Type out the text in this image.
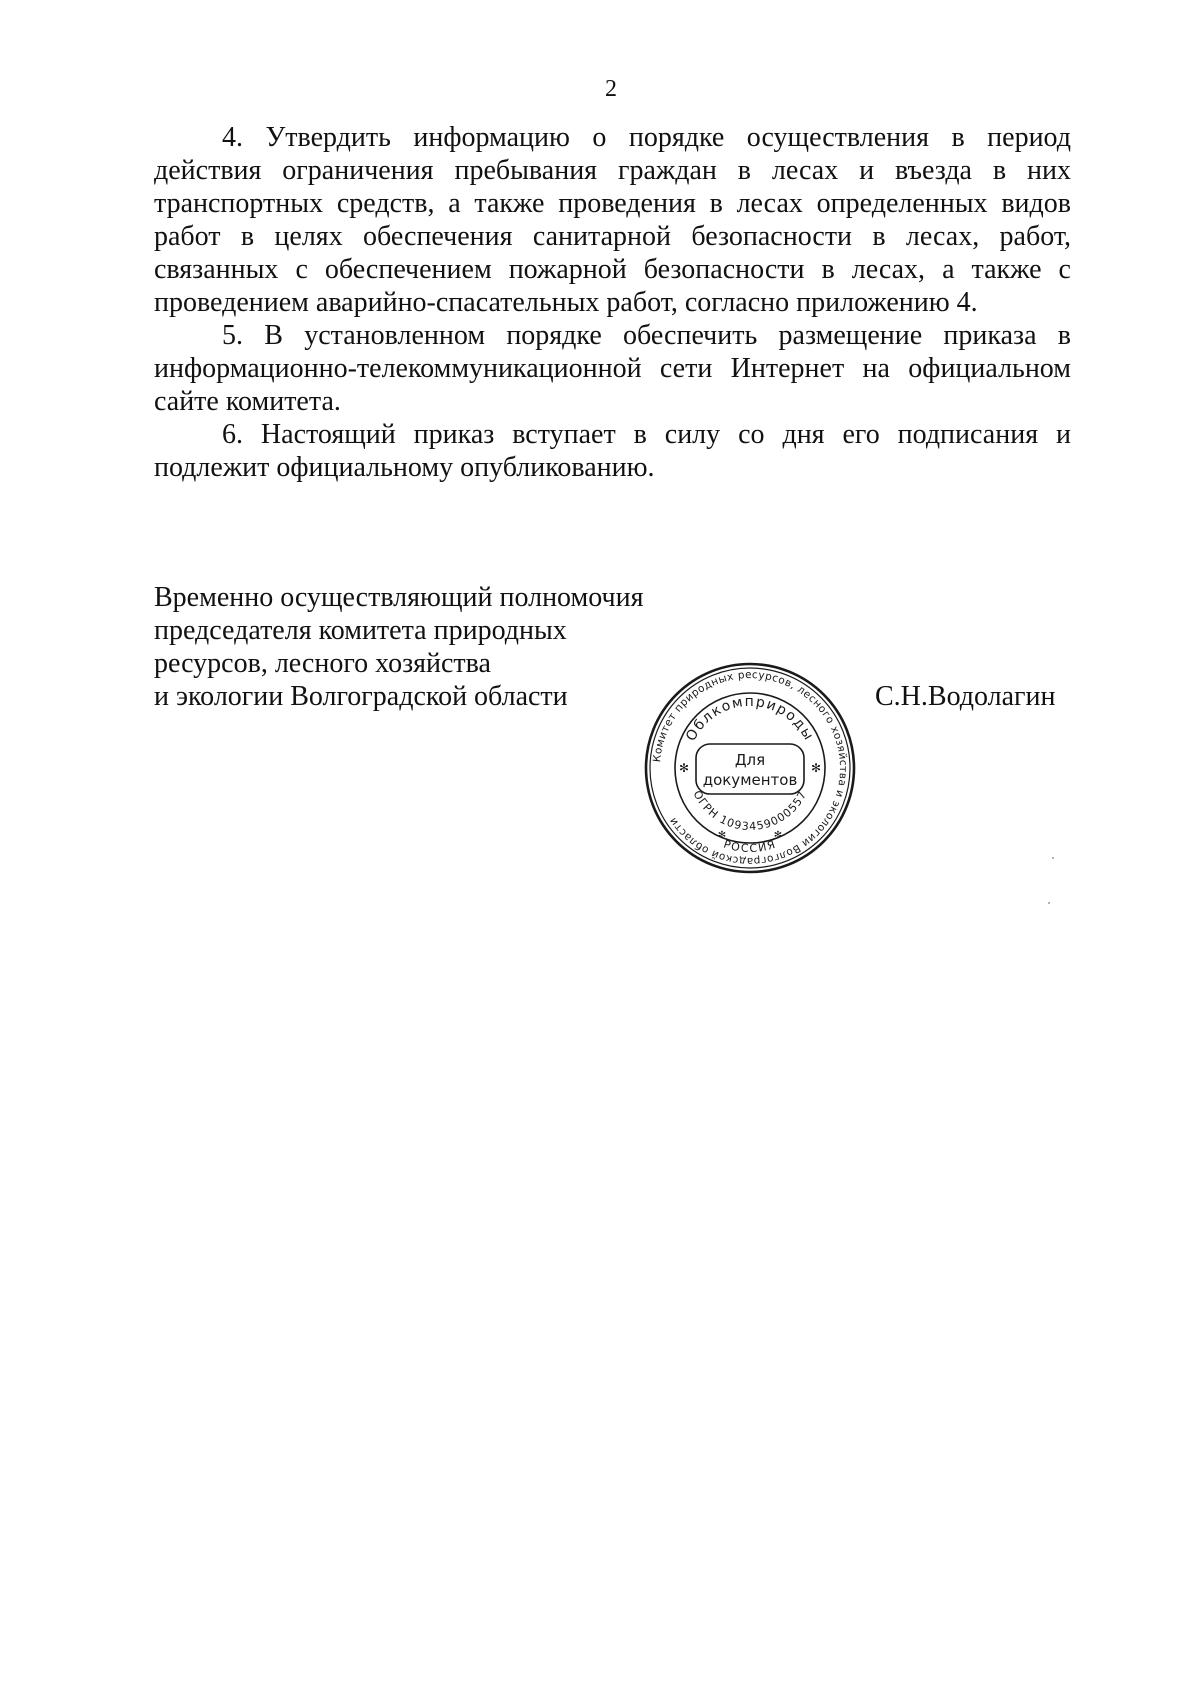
2

4. Утвердить информацию о порядке осуществления в период действия ограничения пребывания граждан в лесах и въезда в них транспортных средств, а также проведения в лесах определенных видов работ в целях обеспечения санитарной безопасности в лесах, работ, связанных с обеспечением пожарной безопасности в лесах, а также с проведением аварийно-спасательных работ, согласно приложению 4.

5. В установленном порядке обеспечить размещение приказа в информационно-телекоммуникационной сети Интернет на официальном сайте комитета.

6. Настоящий приказ вступает в силу со дня его подписания и подлежит официальному опубликованию.

Временно осуществляющий полномочия
председателя комитета природных
ресурсов, лесного хозяйства
и экологии Волгоградской области
Комитет природных ресурсов, лесного хозяйства и экологии Волгоградской области
Облкомприроды
Для
документов
ОГРН 1093459000557
РОССИЯ
✻	✻
✻	✻
С.Н.Водолагин
